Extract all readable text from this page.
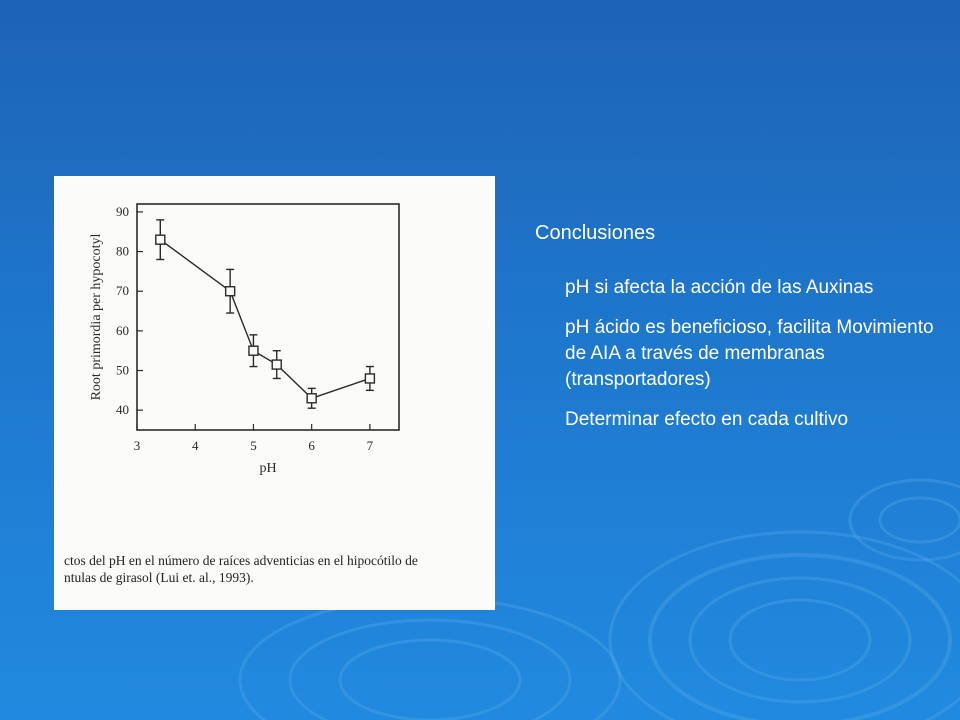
3	4	5	6	7
40
50
60
70
80
90
pH
Root primordia per hypocotyl
ctos del pH en el número de raíces adventicias en el hipocótilo de
ntulas de girasol (Lui et. al., 1993).
Conclusiones
pH si afecta la acción de las Auxinas
pH ácido es beneficioso, facilita Movimiento de AIA a través de membranas (transportadores)
Determinar efecto en cada cultivo
